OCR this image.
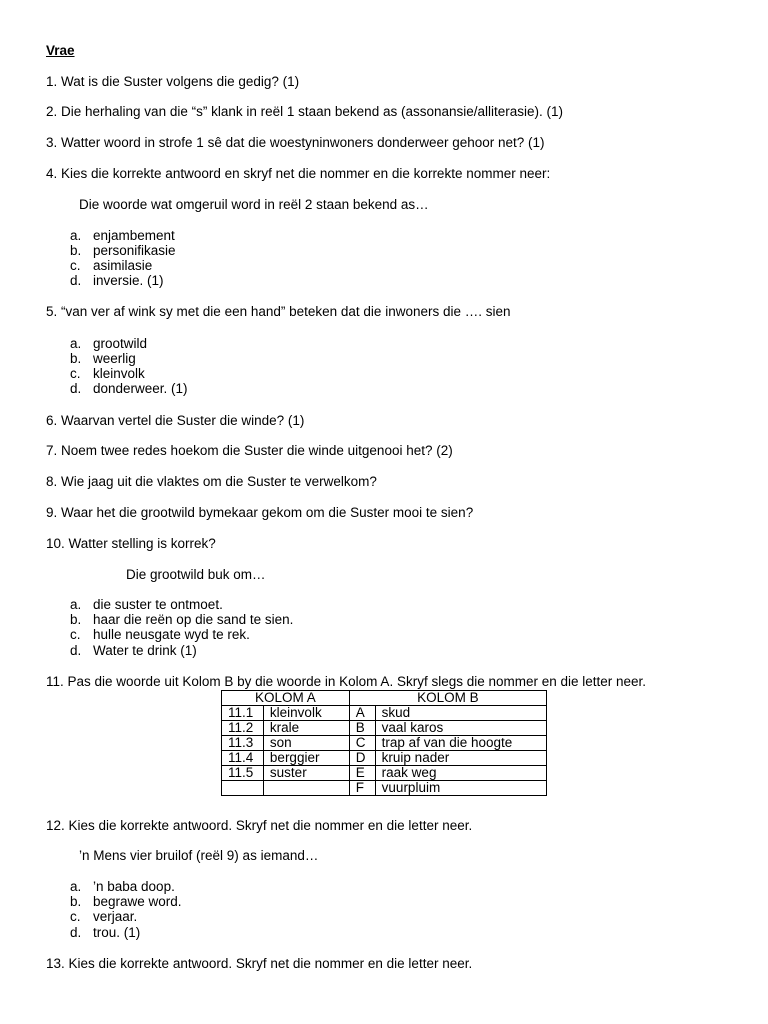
Vrae
1. Wat is die Suster volgens die gedig? (1)
2. Die herhaling van die “s” klank in reël 1 staan bekend as (assonansie/alliterasie). (1)
3. Watter woord in strofe 1 sê dat die woestyninwoners donderweer gehoor net? (1)
4. Kies die korrekte antwoord en skryf net die nommer en die korrekte nommer neer:
Die woorde wat omgeruil word in reël 2 staan bekend as…
a. enjambement
b. personifikasie
c. asimilasie
d. inversie. (1)
5. “van ver af wink sy met die een hand” beteken dat die inwoners die …. sien
a. grootwild
b. weerlig
c. kleinvolk
d. donderweer. (1)
6. Waarvan vertel die Suster die winde? (1)
7. Noem twee redes hoekom die Suster die winde uitgenooi het? (2)
8. Wie jaag uit die vlaktes om die Suster te verwelkom?
9. Waar het die grootwild bymekaar gekom om die Suster mooi te sien?
10. Watter stelling is korrek?
Die grootwild buk om…
a. die suster te ontmoet.
b. haar die reën op die sand te sien.
c. hulle neusgate wyd te rek.
d. Water te drink (1)
11. Pas die woorde uit Kolom B by die woorde in Kolom A. Skryf slegs die nommer en die letter neer.
KOLOM A		KOLOM B	
11.1	kleinvolk	A	skud
11.2	krale	B	vaal karos
11.3	son	C	trap af van die hoogte
11.4	berggier	D	kruip nader
11.5	suster	E	raak weg
		F	vuurpluim
12. Kies die korrekte antwoord. Skryf net die nommer en die letter neer.
’n Mens vier bruilof (reël 9) as iemand…
a. ’n baba doop.
b. begrawe word.
c. verjaar.
d. trou. (1)
13. Kies die korrekte antwoord. Skryf net die nommer en die letter neer.
